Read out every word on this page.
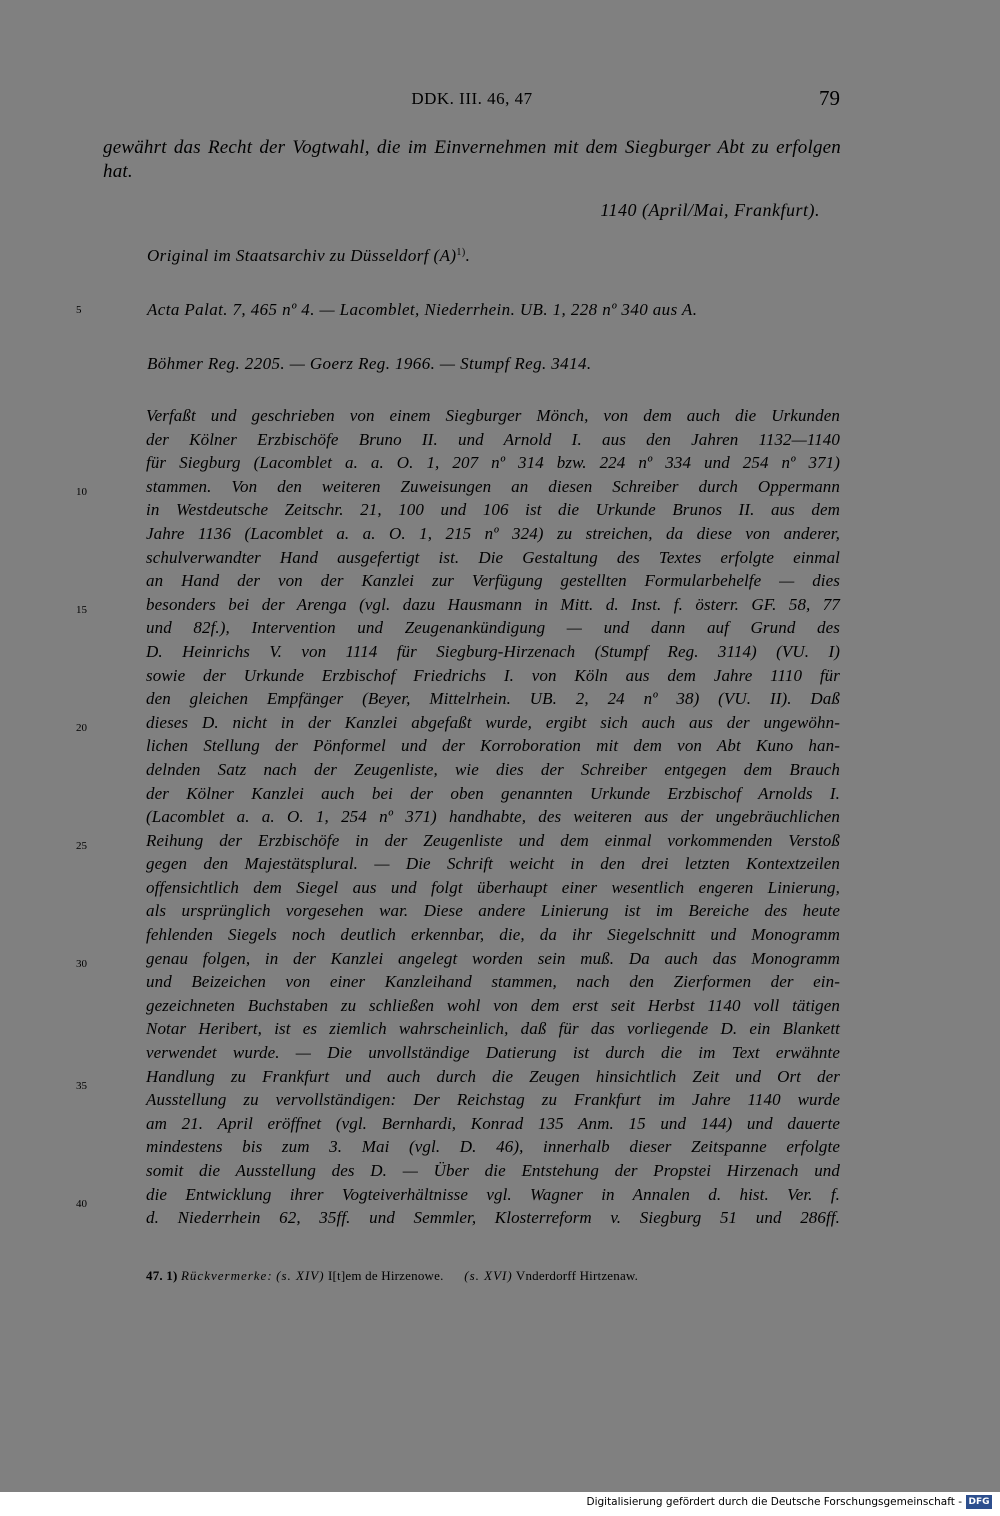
DDK. III. 46, 47	79
gewährt das Recht der Vogtwahl, die im Einvernehmen mit dem Siegburger Abt zu erfolgen hat.
1140 (April/Mai, Frankfurt).
Original im Staatsarchiv zu Düsseldorf $(A)^{1)}$.
5	Acta Palat. 7, 465 nº 4. — Lacomblet, Niederrhein. UB. 1, 228 nº 340 aus A.
Böhmer Reg. 2205. — Goerz Reg. 1966. — Stumpf Reg. 3414.
Verfaßt und geschrieben von einem Siegburger Mönch, von dem auch die Urkunden
der Kölner Erzbischöfe Bruno II. und Arnold I. aus den Jahren 1132—1140
für Siegburg (Lacomblet a. a. O. 1, 207 nº 314 bzw. 224 nº 334 und 254 nº 371)
stammen. Von den weiteren Zuweisungen an diesen Schreiber durch Oppermann
in Westdeutsche Zeitschr. 21, 100 und 106 ist die Urkunde Brunos II. aus dem
Jahre 1136 (Lacomblet a. a. O. 1, 215 nº 324) zu streichen, da diese von anderer,
schulverwandter Hand ausgefertigt ist. Die Gestaltung des Textes erfolgte einmal
an Hand der von der Kanzlei zur Verfügung gestellten Formularbehelfe — dies
besonders bei der Arenga (vgl. dazu Hausmann in Mitt. d. Inst. f. österr. GF. 58, 77
und 82f.), Intervention und Zeugenankündigung — und dann auf Grund des
D. Heinrichs V. von 1114 für Siegburg-Hirzenach (Stumpf Reg. 3114) (VU. I)
sowie der Urkunde Erzbischof Friedrichs I. von Köln aus dem Jahre 1110 für
den gleichen Empfänger (Beyer, Mittelrhein. UB. 2, 24 nº 38) (VU. II). Daß
dieses D. nicht in der Kanzlei abgefaßt wurde, ergibt sich auch aus der ungewöhn-
lichen Stellung der Pönformel und der Korroboration mit dem von Abt Kuno han-
delnden Satz nach der Zeugenliste, wie dies der Schreiber entgegen dem Brauch
der Kölner Kanzlei auch bei der oben genannten Urkunde Erzbischof Arnolds I.
(Lacomblet a. a. O. 1, 254 nº 371) handhabte, des weiteren aus der ungebräuchlichen
Reihung der Erzbischöfe in der Zeugenliste und dem einmal vorkommenden Verstoß
gegen den Majestätsplural. — Die Schrift weicht in den drei letzten Kontextzeilen
offensichtlich dem Siegel aus und folgt überhaupt einer wesentlich engeren Linierung,
als ursprünglich vorgesehen war. Diese andere Linierung ist im Bereiche des heute
fehlenden Siegels noch deutlich erkennbar, die, da ihr Siegelschnitt und Monogramm
genau folgen, in der Kanzlei angelegt worden sein muß. Da auch das Monogramm
und Beizeichen von einer Kanzleihand stammen, nach den Zierformen der ein-
gezeichneten Buchstaben zu schließen wohl von dem erst seit Herbst 1140 voll tätigen
Notar Heribert, ist es ziemlich wahrscheinlich, daß für das vorliegende D. ein Blankett
verwendet wurde. — Die unvollständige Datierung ist durch die im Text erwähnte
Handlung zu Frankfurt und auch durch die Zeugen hinsichtlich Zeit und Ort der
Ausstellung zu vervollständigen: Der Reichstag zu Frankfurt im Jahre 1140 wurde
am 21. April eröffnet (vgl. Bernhardi, Konrad 135 Anm. 15 und 144) und dauerte
mindestens bis zum 3. Mai (vgl. D. 46), innerhalb dieser Zeitspanne erfolgte
somit die Ausstellung des D. — Über die Entstehung der Propstei Hirzenach und
die Entwicklung ihrer Vogteiverhältnisse vgl. Wagner in Annalen d. hist. Ver. f.
d. Niederrhein 62, 35ff. und Semmler, Klosterreform v. Siegburg 51 und 286ff.
10
15
20
25
30
35
40
47. 1) Rückvermerke: (s. XIV) I[t]em de Hirzenowe. (s. XVI) Vnderdorff Hirtzenaw.
Digitalisierung gefördert durch die Deutsche Forschungsgemeinschaft - DFG
